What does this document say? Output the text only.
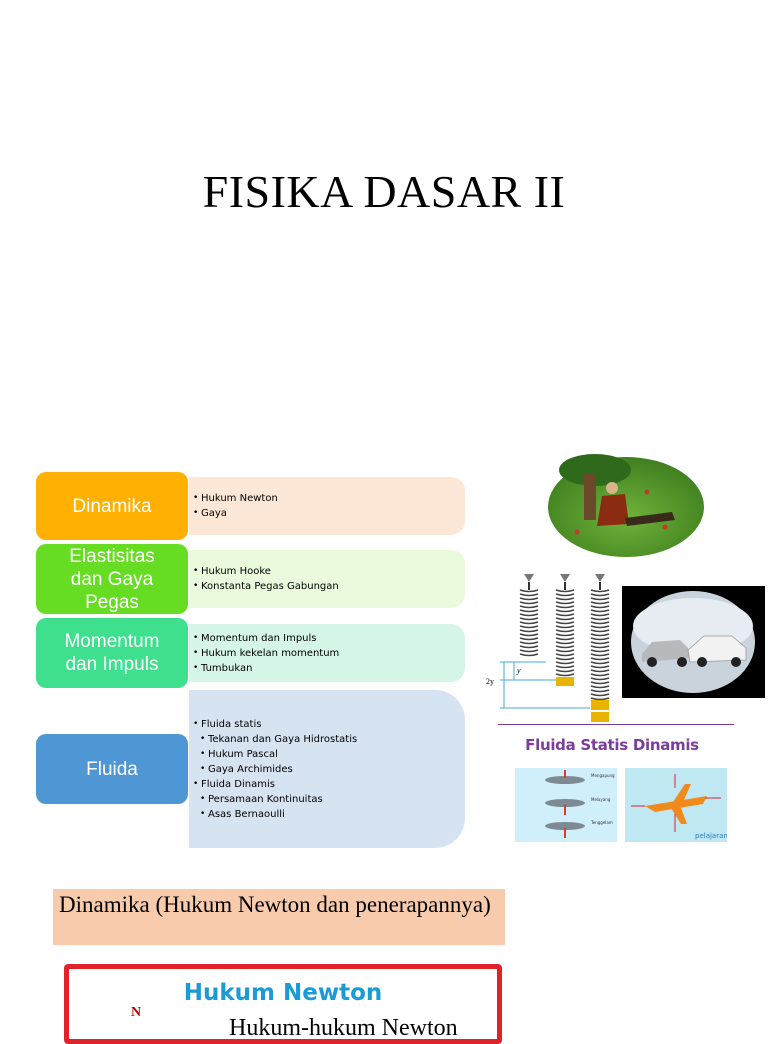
FISIKA DASAR II
Dinamika
•	Hukum Newton
• Gaya
Elastisitas dan Gaya Pegas
• Hukum Hooke
• Konstanta Pegas Gabungan
Momentum dan Impuls
• Momentum dan Impuls
• Hukum kekelan momentum
• Tumbukan
Fluida
• Fluida statis
• Tekanan dan Gaya Hidrostatis
• Hukum Pascal
• Gaya Archimides
• Fluida Dinamis
• Persamaan Kontinuitas
• Asas Bernaoulli
2y
y
Fluida Statis Dinamis
Mengapung
Melayang
Tenggelam
pelajaran
Dinamika (Hukum Newton dan penerapannya)
Hukum Newton
N
Hukum-hukum Newton
